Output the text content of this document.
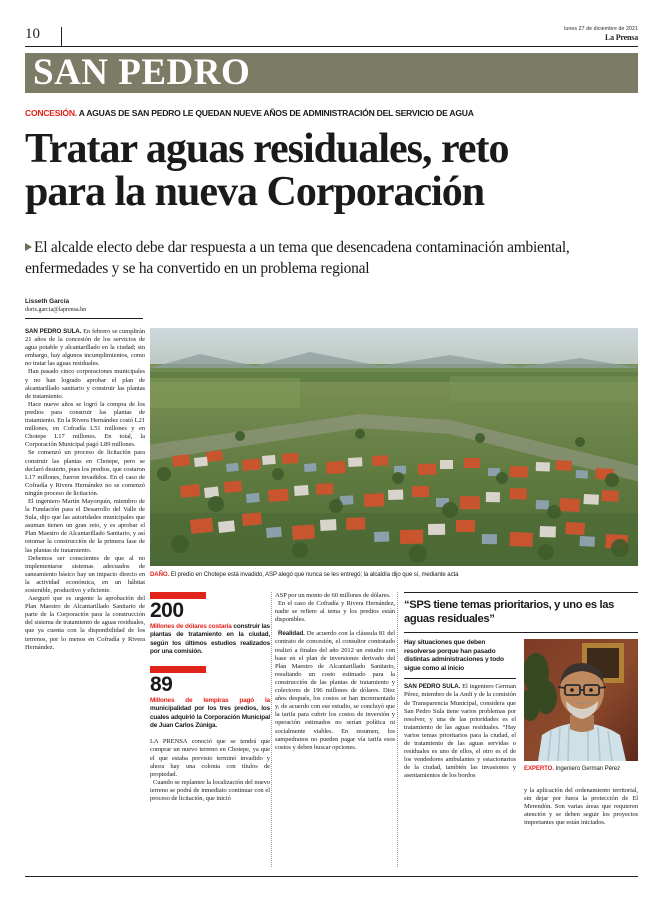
10	lunes 27 de diciembre de 2021
La Prensa
SAN PEDRO
CONCESIÓN. A AGUAS DE SAN PEDRO LE QUEDAN NUEVE AÑOS DE ADMINISTRACIÓN DEL SERVICIO DE AGUA
Tratar aguas residuales, reto
para la nueva Corporación
El alcalde electo debe dar respuesta a un tema que desencadena contaminación ambiental, enfermedades y se ha convertido en un problema regional
Lisseth García
doris.garcia@laprensa.hn

SAN PEDRO SULA. En febrero se cumplirán 21 años de la concesión de los servicios de agua potable y alcantarillado en la ciudad; sin embargo, hay algunos incumplimientos, como no tratar las aguas residuales.

Han pasado cinco corporaciones municipales y no han logrado aprobar el plan de alcantarillado sanitario y construir las plantas de tratamiento.

Hace nueve años se logró la compra de los predios para construir las plantas de tratamiento. En la Rivera Hernández costó L21 millones, en Cofradía L51 millones y en Chotepe L17 millones. En total, la Corporación Municipal pagó L89 millones.

Se comenzó un proceso de licitación para construir las plantas en Chotepe, pero se declaró desierto, pues los predios, que costaron L17 millones, fueron invadidos. En el caso de Cofradía y Rivera Hernández no se comenzó ningún proceso de licitación.

El ingeniero Martín Mayorquín, miembro de la Fundación para el Desarrollo del Valle de Sula, dijo que las autoridades municipales que asuman tienen un gran reto, y es aprobar el Plan Maestro de Alcantarillado Sanitario, y así retomar la construcción de la primera fase de las plantas de tratamiento.

Debemos ser conscientes de que al no implementarse sistemas adecuados de saneamiento básico hay un impacto directo en la actividad económica, en un hábitat sostenible, productivo y eficiente.

Aseguró que es urgente la aprobación del Plan Maestro de Alcantarillado Sanitario de parte de la Corporación para la construcción del sistema de tratamiento de aguas residuales, que ya cuenta con la disponibilidad de los terrenos, por lo menos en Cofradía y Rivera Hernández.

DAÑO. El predio en Chotepe está invadido, ASP alegó que nunca se les entregó; la alcaldía dijo que sí, mediante acta
200
Millones de dólares costaría construir las plantas de tratamiento en la ciudad, según los últimos estudios realizados por una comisión.
89
Millones de lempiras pagó la municipalidad por los tres predios, los cuales adquirió la Corporación Municipal de Juan Carlos Zúniga.

LA PRENSA conoció que se tendrá que comprar un nuevo terreno en Chotepe, ya que el que estaba previsto terminó invadido y ahora hay una colonia con títulos de propiedad.

Cuando se replantee la localización del nuevo terreno se podrá de inmediato continuar con el proceso de licitación, que inició

ASP por un monto de 60 millones de dólares.

En el caso de Cofradía y Rivera Hernández, nadie se refiere al tema y los predios están disponibles.

Realidad. De acuerdo con la cláusula 81 del contrato de concesión, el consultor contratado realizó a finales del año 2012 un estudio con base en el plan de inversiones derivado del Plan Maestro de Alcantarillado Sanitario, resultando un costo estimado para la construcción de las plantas de tratamiento y colectores de 196 millones de dólares. Diez años después, los costos se han incrementado y, de acuerdo con ese estudio, se concluyó que la tarifa para cubrir los costos de inversión y operación estimados no serían política ni socialmente viables. En resumen, los sampedranos no pueden pagar vía tarifa esos costos y deben buscar opciones.

“SPS tiene temas prioritarios, y uno es las aguas residuales”
Hay situaciones que deben resolverse porque han pasado distintas administraciones y todo sigue como al inicio

SAN PEDRO SULA. El ingeniero German Pérez, miembro de la Andi y de la comisión de Transparencia Municipal, considera que San Pedro Sula tiene varios problemas por resolver, y una de las prioridades es el tratamiento de las aguas residuales. “Hay varios temas prioritarios para la ciudad, el de tratamiento de las aguas servidas o residuales es uno de ellos, el otro es el de los vendedores ambulantes y estacionarios de la ciudad, también las invasiones y asentamientos de los bordos

EXPERTO. Ingeniero German Pérez

y la aplicación del ordenamiento territorial, sin dejar por fuera la protección de El Merendón. Son varias áreas que requieren atención y se deben seguir los proyectos importantes que están iniciados.
